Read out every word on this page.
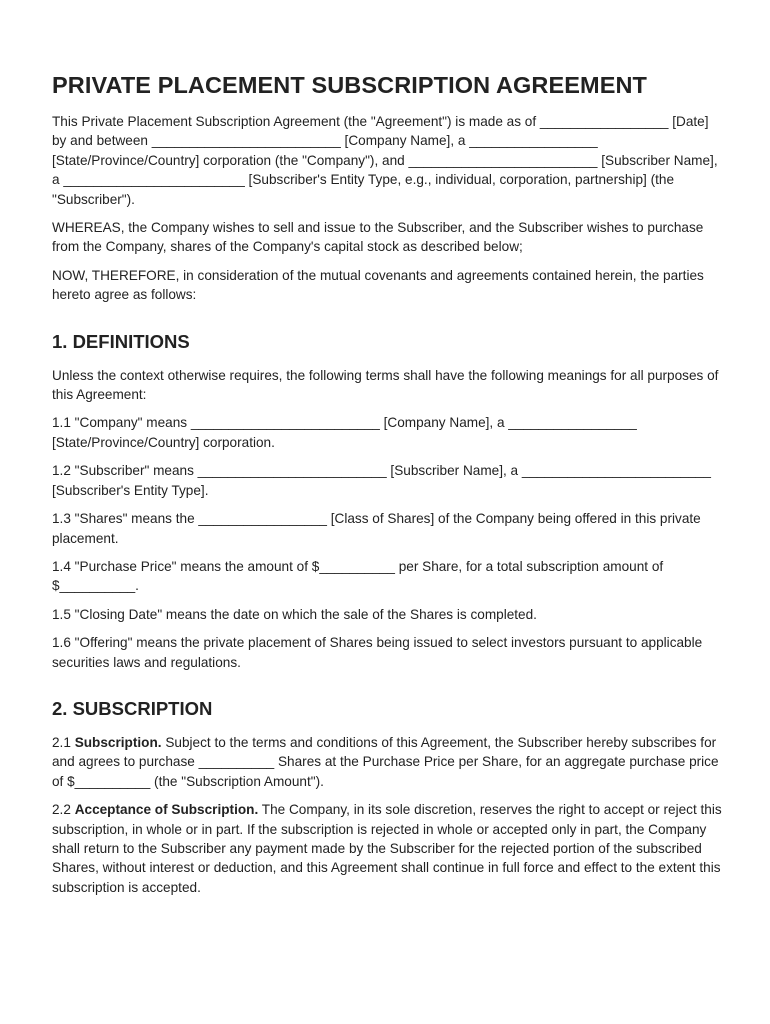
PRIVATE PLACEMENT SUBSCRIPTION AGREEMENT

This Private Placement Subscription Agreement (the "Agreement") is made as of _________________ [Date] by and between _________________________ [Company Name], a _________________ [State/Province/Country] corporation (the "Company"), and _________________________ [Subscriber Name], a ________________________ [Subscriber's Entity Type, e.g., individual, corporation, partnership] (the "Subscriber").

WHEREAS, the Company wishes to sell and issue to the Subscriber, and the Subscriber wishes to purchase from the Company, shares of the Company's capital stock as described below;

NOW, THEREFORE, in consideration of the mutual covenants and agreements contained herein, the parties hereto agree as follows:

1. DEFINITIONS

Unless the context otherwise requires, the following terms shall have the following meanings for all purposes of this Agreement:

1.1 "Company" means _________________________ [Company Name], a _________________ [State/Province/Country] corporation.

1.2 "Subscriber" means _________________________ [Subscriber Name], a _________________________ [Subscriber's Entity Type].

1.3 "Shares" means the _________________ [Class of Shares] of the Company being offered in this private placement.

1.4 "Purchase Price" means the amount of $__________ per Share, for a total subscription amount of $__________.

1.5 "Closing Date" means the date on which the sale of the Shares is completed.

1.6 "Offering" means the private placement of Shares being issued to select investors pursuant to applicable securities laws and regulations.

2. SUBSCRIPTION

2.1 Subscription. Subject to the terms and conditions of this Agreement, the Subscriber hereby subscribes for and agrees to purchase __________ Shares at the Purchase Price per Share, for an aggregate purchase price of $__________ (the "Subscription Amount").

2.2 Acceptance of Subscription. The Company, in its sole discretion, reserves the right to accept or reject this subscription, in whole or in part. If the subscription is rejected in whole or accepted only in part, the Company shall return to the Subscriber any payment made by the Subscriber for the rejected portion of the subscribed Shares, without interest or deduction, and this Agreement shall continue in full force and effect to the extent this subscription is accepted.
